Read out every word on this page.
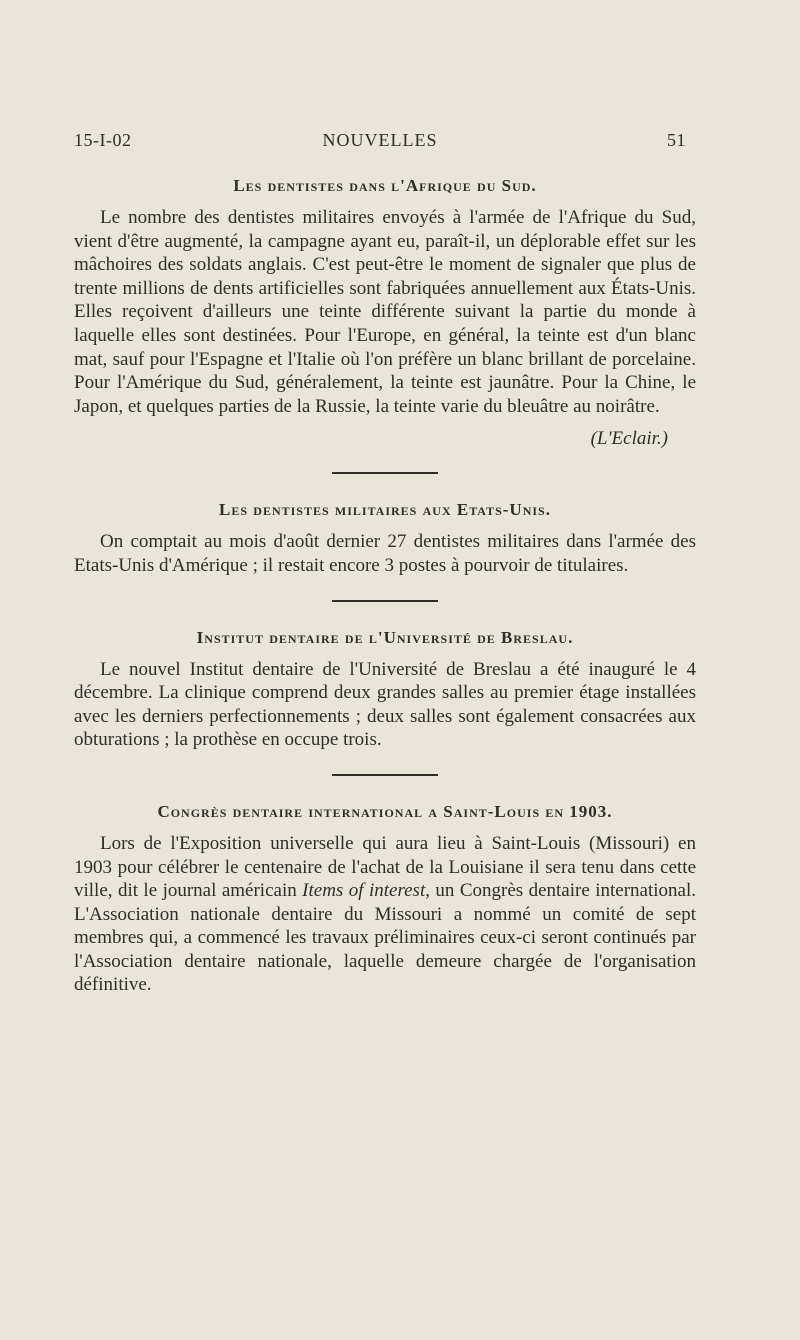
15-I-02	NOUVELLES	51
Les dentistes dans l'Afrique du Sud.

Le nombre des dentistes militaires envoyés à l'armée de l'Afrique du Sud, vient d'être augmenté, la campagne ayant eu, paraît-il, un déplorable effet sur les mâchoires des soldats anglais. C'est peut-être le moment de signaler que plus de trente millions de dents artificielles sont fabriquées annuellement aux États-Unis. Elles reçoivent d'ailleurs une teinte différente suivant la partie du monde à laquelle elles sont destinées. Pour l'Europe, en général, la teinte est d'un blanc mat, sauf pour l'Espagne et l'Italie où l'on préfère un blanc brillant de porcelaine. Pour l'Amérique du Sud, généralement, la teinte est jaunâtre. Pour la Chine, le Japon, et quelques parties de la Russie, la teinte varie du bleuâtre au noirâtre.

(L'Eclair.)

Les dentistes militaires aux Etats-Unis.

On comptait au mois d'août dernier 27 dentistes militaires dans l'armée des Etats-Unis d'Amérique ; il restait encore 3 postes à pourvoir de titulaires.

Institut dentaire de l'Université de Breslau.

Le nouvel Institut dentaire de l'Université de Breslau a été inauguré le 4 décembre. La clinique comprend deux grandes salles au premier étage installées avec les derniers perfectionnements ; deux salles sont également consacrées aux obturations ; la prothèse en occupe trois.

Congrès dentaire international a Saint-Louis en 1903.

Lors de l'Exposition universelle qui aura lieu à Saint-Louis (Missouri) en 1903 pour célébrer le centenaire de l'achat de la Louisiane il sera tenu dans cette ville, dit le journal américain Items of interest, un Congrès dentaire international. L'Association nationale dentaire du Missouri a nommé un comité de sept membres qui, a commencé les travaux préliminaires ceux-ci seront continués par l'Association dentaire nationale, laquelle demeure chargée de l'organisation définitive.
